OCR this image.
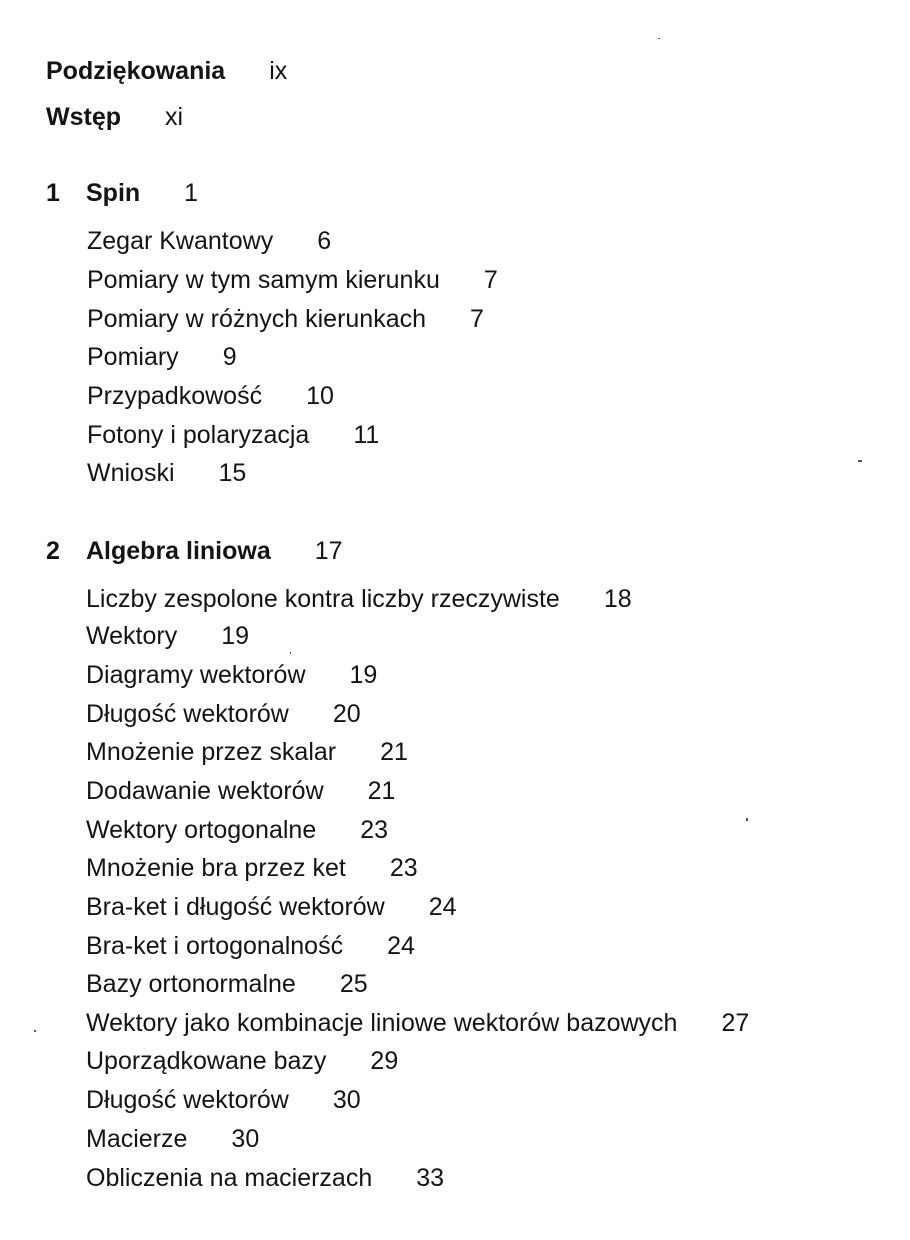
Podziękowania ix
Wstęp xi
1	Spin 1
Zegar Kwantowy 6
Pomiary w tym samym kierunku 7
Pomiary w różnych kierunkach 7
Pomiary 9
Przypadkowość 10
Fotony i polaryzacja 11
Wnioski 15
2	Algebra liniowa 17
Liczby zespolone kontra liczby rzeczywiste 18
Wektory 19
Diagramy wektorów 19
Długość wektorów 20
Mnożenie przez skalar 21
Dodawanie wektorów 21
Wektory ortogonalne 23
Mnożenie bra przez ket 23
Bra-ket i długość wektorów 24
Bra-ket i ortogonalność 24
Bazy ortonormalne 25
Wektory jako kombinacje liniowe wektorów bazowych 27
Uporządkowane bazy 29
Długość wektorów 30
Macierze 30
Obliczenia na macierzach 33
